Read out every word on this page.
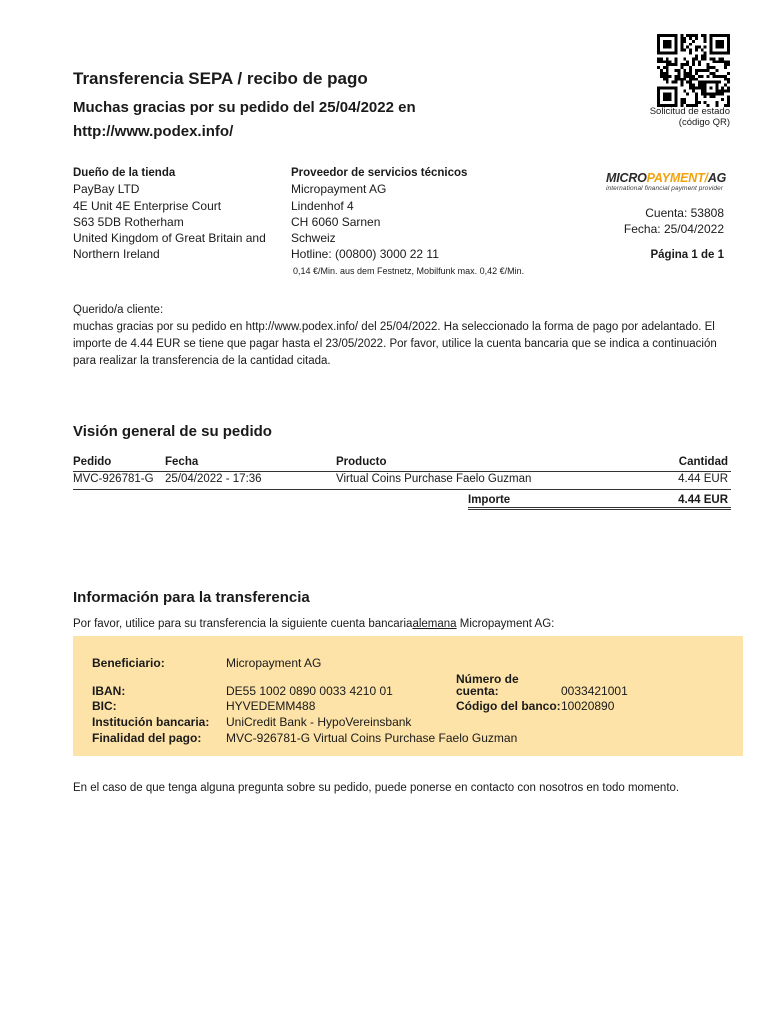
Transferencia SEPA / recibo de pago
Muchas gracias por su pedido del 25/04/2022 en
http://www.podex.info/
Solicitud de estado
(código QR)
Dueño de la tienda
PayBay LTD
4E Unit 4E Enterprise Court
S63 5DB Rotherham
United Kingdom of Great Britain and
Northern Ireland
Proveedor de servicios técnicos
Micropayment AG
Lindenhof 4
CH 6060 Sarnen
Schweiz
Hotline: (00800) 3000 22 11
0,14 €/Min. aus dem Festnetz, Mobilfunk max. 0,42 €/Min.
MICROPAYMENT/AG
international financial payment provider
Cuenta: 53808
Fecha: 25/04/2022
Página 1 de 1
Querido/a cliente:
muchas gracias por su pedido en http://www.podex.info/ del 25/04/2022. Ha seleccionado la forma de pago por adelantado. El
importe de 4.44 EUR se tiene que pagar hasta el 23/05/2022. Por favor, utilice la cuenta bancaria que se indica a continuación
para realizar la transferencia de la cantidad citada.
Visión general de su pedido
Pedido	Fecha	Producto	Cantidad
MVC-926781-G 25/04/2022 - 17:36	Virtual Coins Purchase Faelo Guzman	4.44 EUR
Importe	4.44 EUR
Información para la transferencia
Por favor, utilice para su transferencia la siguiente cuenta bancariaalemana Micropayment AG:
Beneficiario:	Micropayment AG
Número de
cuenta:	0033421001
IBAN:	DE55 1002 0890 0033 4210 01
BIC:	HYVEDEMM488	Código del banco: 10020890
Institución bancaria: UniCredit Bank - HypoVereinsbank
Finalidad del pago: MVC-926781-G Virtual Coins Purchase Faelo Guzman
En el caso de que tenga alguna pregunta sobre su pedido, puede ponerse en contacto con nosotros en todo momento.
